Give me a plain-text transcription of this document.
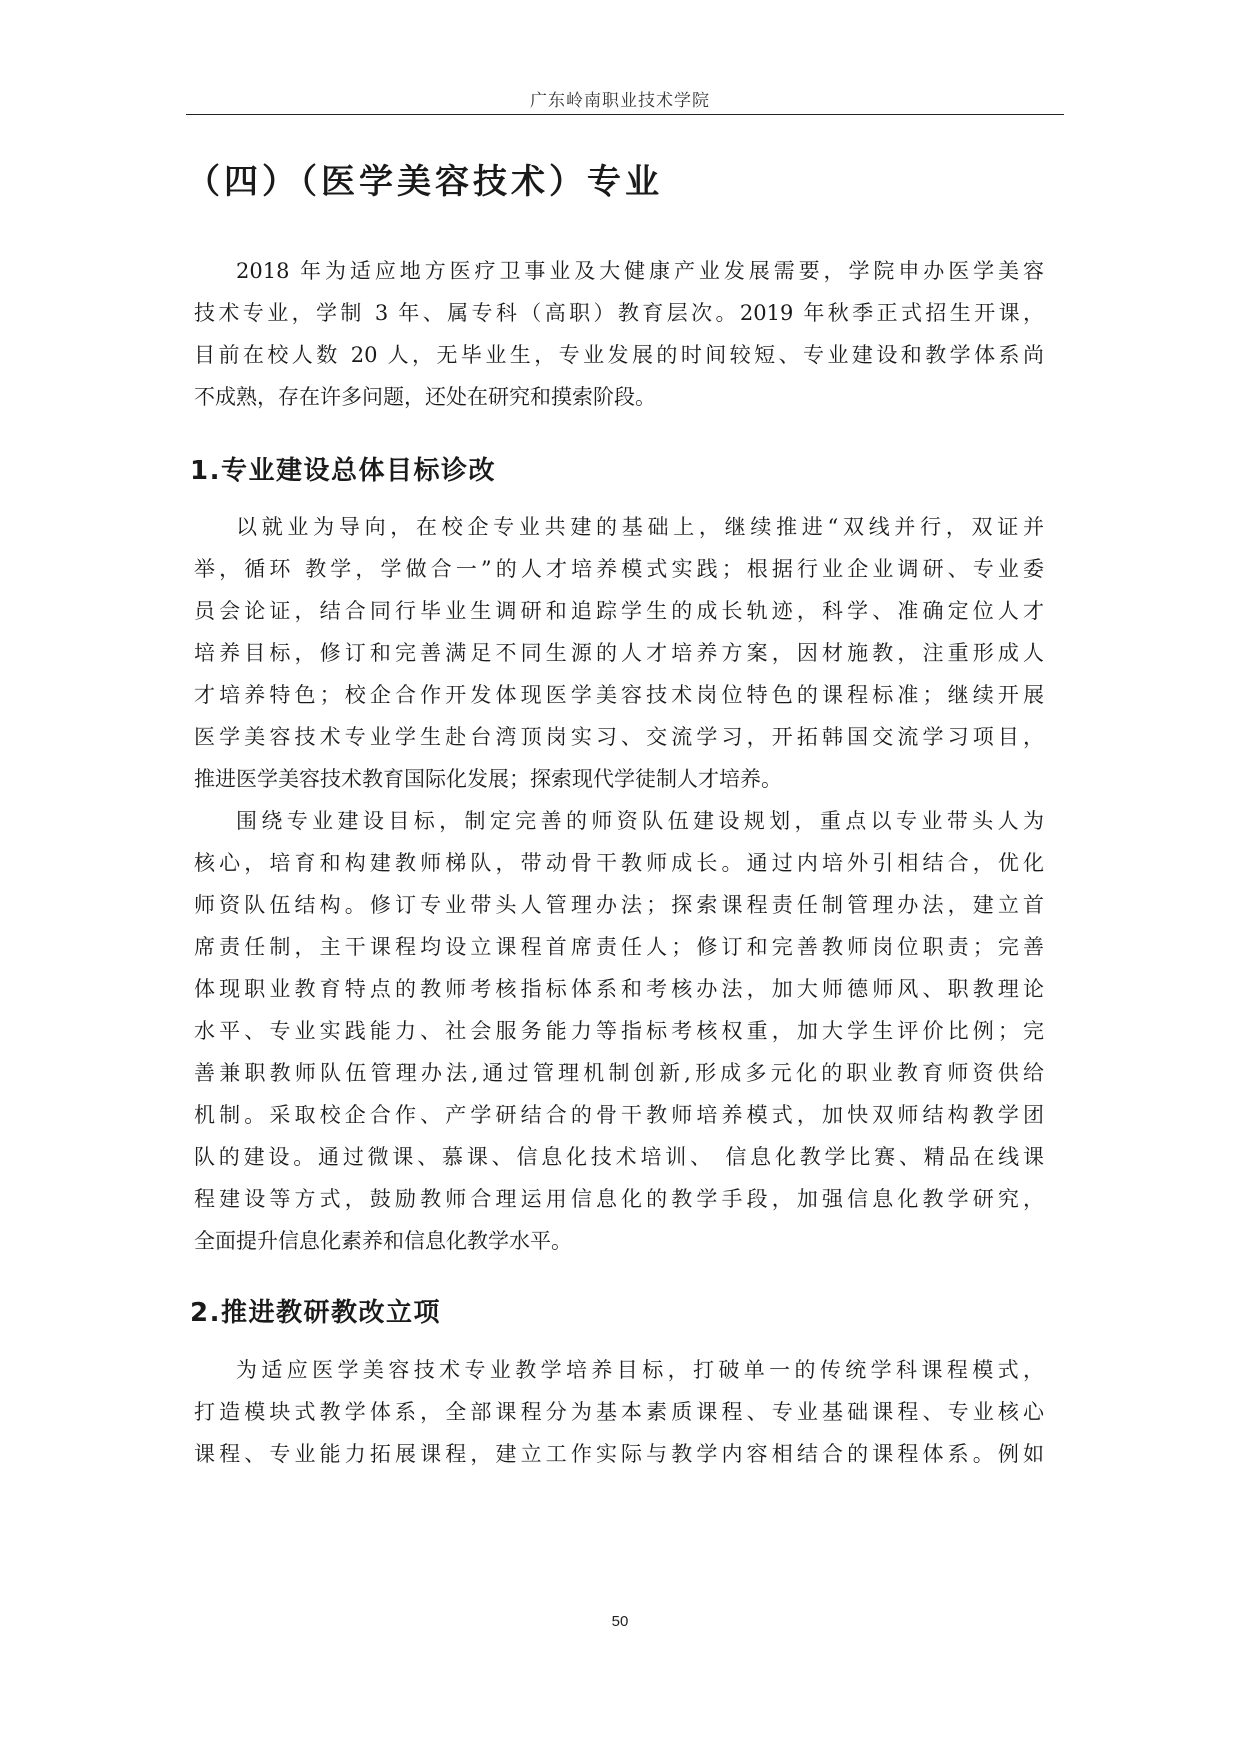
广东岭南职业技术学院
（四）（医学美容技术）专业
2018 年为适应地方医疗卫事业及大健康产业发展需要，学院申办医学美容
技术专业，学制 3 年、属专科（高职）教育层次。2019 年秋季正式招生开课，
目前在校人数 20 人，无毕业生，专业发展的时间较短、专业建设和教学体系尚
不成熟，存在许多问题，还处在研究和摸索阶段。
1.专业建设总体目标诊改
以就业为导向，在校企专业共建的基础上，继续推进“双线并行，双证并
举，循环 教学，学做合一”的人才培养模式实践；根据行业企业调研、专业委
员会论证，结合同行毕业生调研和追踪学生的成长轨迹，科学、准确定位人才
培养目标，修订和完善满足不同生源的人才培养方案，因材施教，注重形成人
才培养特色；校企合作开发体现医学美容技术岗位特色的课程标准；继续开展
医学美容技术专业学生赴台湾顶岗实习、交流学习，开拓韩国交流学习项目，
推进医学美容技术教育国际化发展；探索现代学徒制人才培养。
围绕专业建设目标，制定完善的师资队伍建设规划，重点以专业带头人为
核心，培育和构建教师梯队，带动骨干教师成长。通过内培外引相结合，优化
师资队伍结构。修订专业带头人管理办法；探索课程责任制管理办法，建立首
席责任制，主干课程均设立课程首席责任人；修订和完善教师岗位职责；完善
体现职业教育特点的教师考核指标体系和考核办法，加大师德师风、职教理论
水平、专业实践能力、社会服务能力等指标考核权重，加大学生评价比例；完
善兼职教师队伍管理办法,通过管理机制创新,形成多元化的职业教育师资供给
机制。采取校企合作、产学研结合的骨干教师培养模式，加快双师结构教学团
队的建设。通过微课、慕课、信息化技术培训、 信息化教学比赛、精品在线课
程建设等方式，鼓励教师合理运用信息化的教学手段，加强信息化教学研究，
全面提升信息化素养和信息化教学水平。
2.推进教研教改立项
为适应医学美容技术专业教学培养目标，打破单一的传统学科课程模式，
打造模块式教学体系，全部课程分为基本素质课程、专业基础课程、专业核心
课程、专业能力拓展课程，建立工作实际与教学内容相结合的课程体系。例如
50
